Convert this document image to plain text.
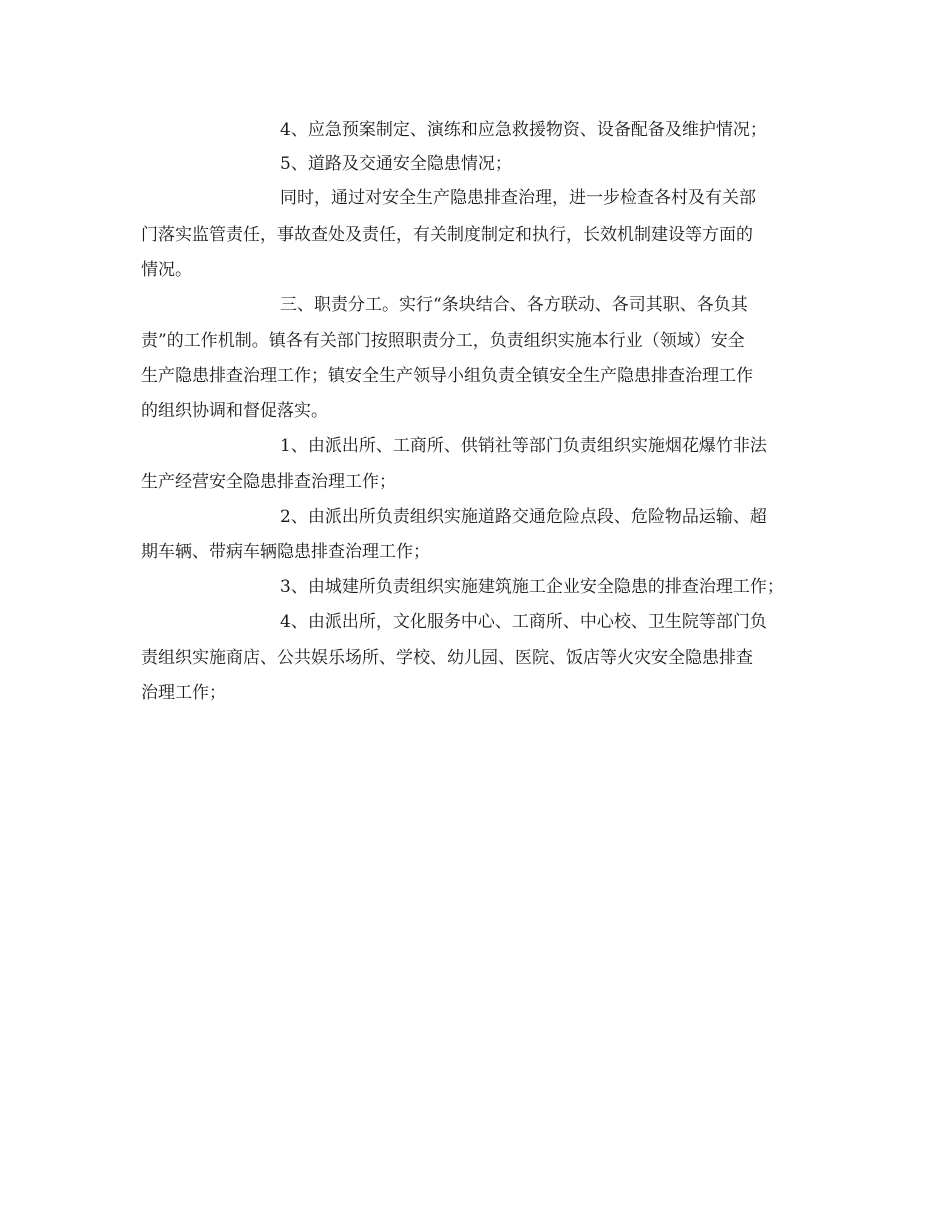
4、应急预案制定、演练和应急救援物资、设备配备及维护情况；
5、道路及交通安全隐患情况；
同时，通过对安全生产隐患排查治理，进一步检查各村及有关部
门落实监管责任，事故查处及责任，有关制度制定和执行，长效机制建设等方面的
情况。
三、职责分工。实行“条块结合、各方联动、各司其职、各负其
责”的工作机制。镇各有关部门按照职责分工，负责组织实施本行业（领域）安全
生产隐患排查治理工作；镇安全生产领导小组负责全镇安全生产隐患排查治理工作
的组织协调和督促落实。
1、由派出所、工商所、供销社等部门负责组织实施烟花爆竹非法
生产经营安全隐患排查治理工作；
2、由派出所负责组织实施道路交通危险点段、危险物品运输、超
期车辆、带病车辆隐患排查治理工作；
3、由城建所负责组织实施建筑施工企业安全隐患的排查治理工作；
4、由派出所，文化服务中心、工商所、中心校、卫生院等部门负
责组织实施商店、公共娱乐场所、学校、幼儿园、医院、饭店等火灾安全隐患排查
治理工作；
